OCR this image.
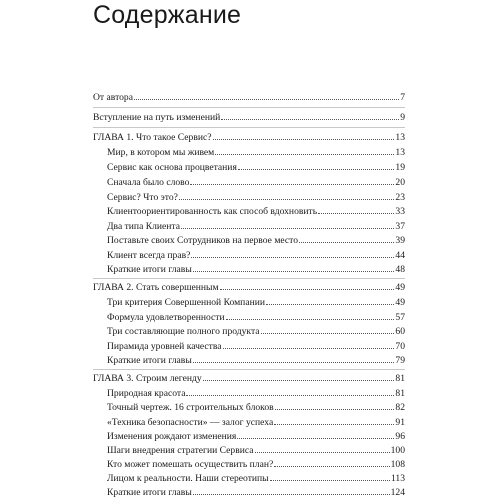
Содержание
От автора	7
Вступление на путь изменений	9
ГЛАВА 1. Что такое Сервис?	13
Мир, в котором мы живем	13
Сервис как основа процветания	19
Сначала было слово	20
Сервис? Что это?	23
Клиентоориентированность как способ вдохновить	33
Два типа Клиента	37
Поставьте своих Сотрудников на первое место	39
Клиент всегда прав?	44
Краткие итоги главы	48
ГЛАВА 2. Стать совершенным	49
Три критерия Совершенной Компании	49
Формула удовлетворенности	57
Три составляющие полного продукта	60
Пирамида уровней качества	70
Краткие итоги главы	79
ГЛАВА 3. Строим легенду	81
Природная красота	81
Точный чертеж. 16 строительных блоков	82
«Техника безопасности» — залог успеха	91
Изменения рождают изменения	96
Шаги внедрения стратегии Сервиса	100
Кто может помешать осуществить план?	108
Лицом к реальности. Наши стереотипы	113
Краткие итоги главы	124
